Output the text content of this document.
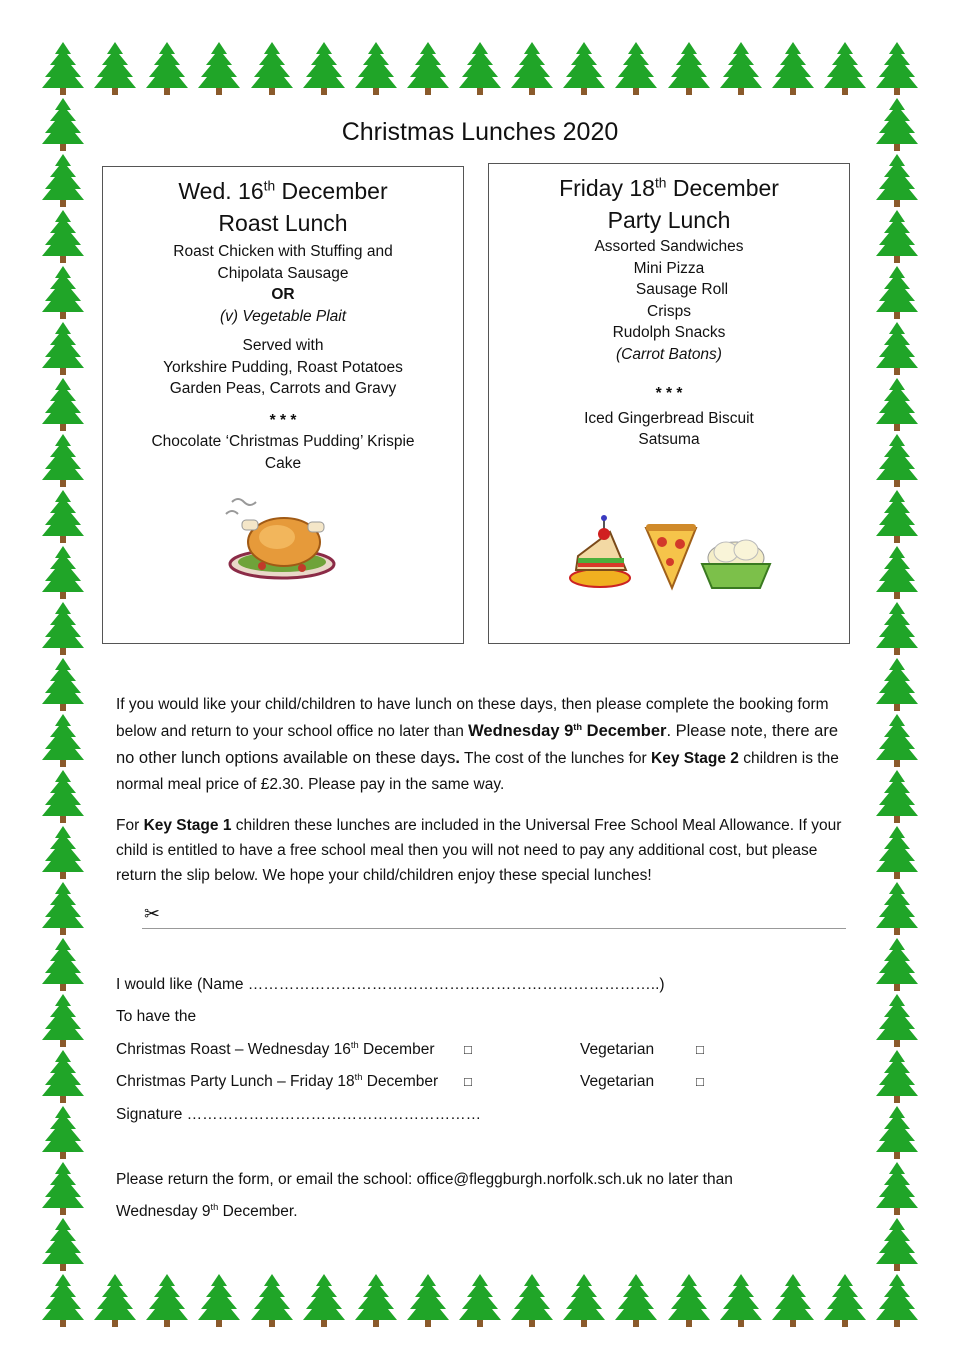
Christmas Lunches 2020
Wed. 16th December
Roast Lunch
Roast Chicken with Stuffing and
Chipolata Sausage
OR
(v) Vegetable Plait
Served with
Yorkshire Pudding, Roast Potatoes
Garden Peas, Carrots and Gravy
* * *
Chocolate ‘Christmas Pudding’ Krispie
Cake
Friday 18th December
Party Lunch
Assorted Sandwiches
Mini Pizza
Sausage Roll
Crisps
Rudolph Snacks
(Carrot Batons)
* * *
Iced Gingerbread Biscuit
Satsuma
If you would like your child/children to have lunch on these days, then please complete the booking form below and return to your school office no later than Wednesday 9th December. Please note, there are no other lunch options available on these days. The cost of the lunches for Key Stage 2 children is the normal meal price of £2.30. Please pay in the same way.
For Key Stage 1 children these lunches are included in the Universal Free School Meal Allowance. If your child is entitled to have a free school meal then you will not need to pay any additional cost, but please return the slip below. We hope your child/children enjoy these special lunches!
✂
I would like (Name ……………………………………………………………………..)
To have the
Christmas Roast – Wednesday 16th December □	Vegetarian	□
Christmas Party Lunch – Friday 18th December □	Vegetarian	□
Signature …………………………………………………
Please return the form, or email the school: office@fleggburgh.norfolk.sch.uk no later than
Wednesday 9th December.
